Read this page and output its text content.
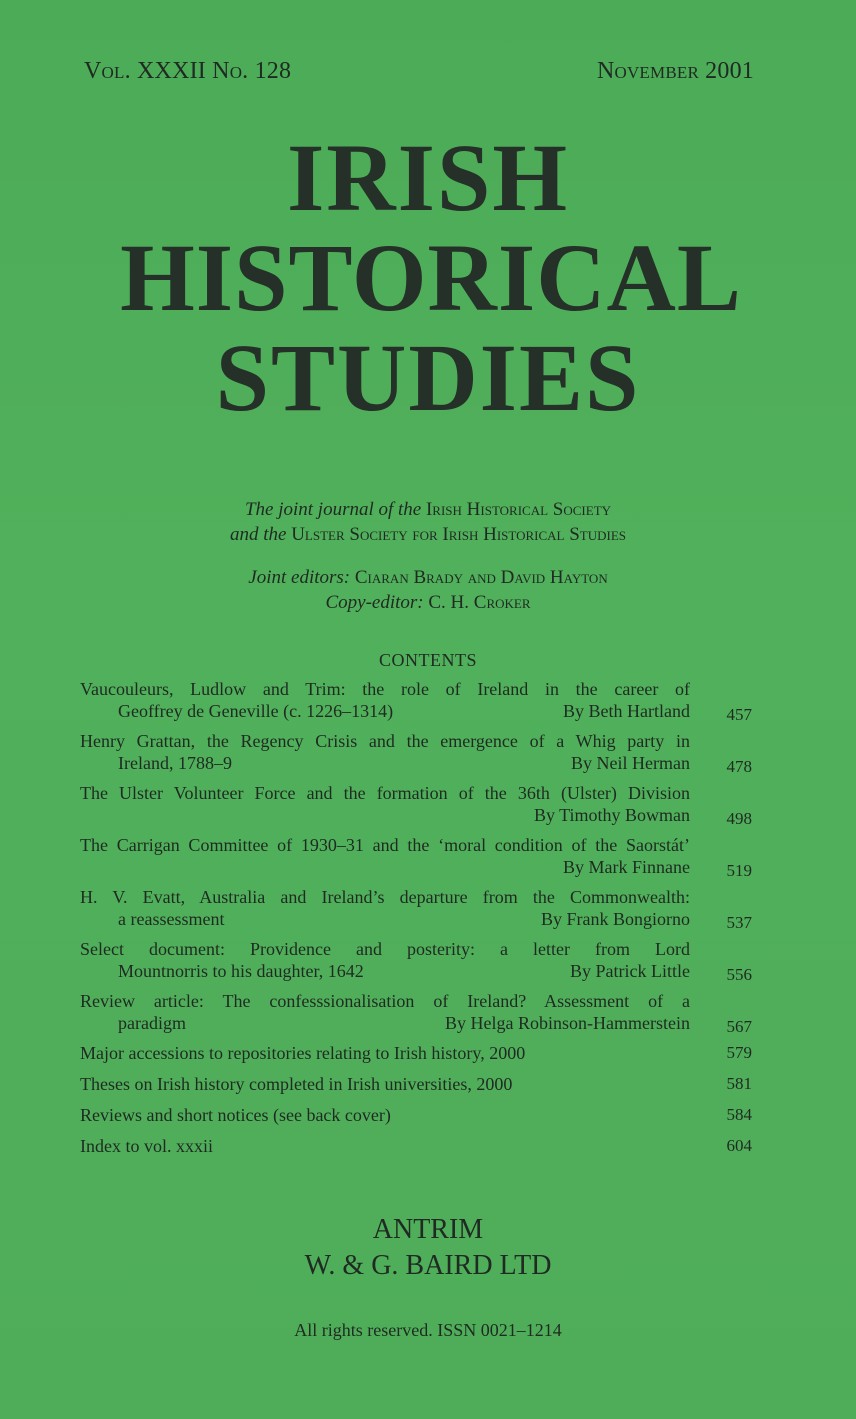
Vol. XXXII No. 128	November 2001
IRISH
HISTORICAL
STUDIES
The joint journal of the Irish Historical Society
and the Ulster Society for Irish Historical Studies
Joint editors: Ciaran Brady and David Hayton
Copy-editor: C. H. Croker
CONTENTS
Vaucouleurs, Ludlow and Trim: the role of Ireland in the career of
Geoffrey de Geneville (c. 1226–1314)	By Beth Hartland 457
Henry Grattan, the Regency Crisis and the emergence of a Whig party in
Ireland, 1788–9	By Neil Herman 478
The Ulster Volunteer Force and the formation of the 36th (Ulster) Division
By Timothy Bowman 498
The Carrigan Committee of 1930–31 and the ‘moral condition of the Saorstát’
By Mark Finnane 519
H. V. Evatt, Australia and Ireland’s departure from the Commonwealth:
a reassessment	By Frank Bongiorno 537
Select document: Providence and posterity: a letter from Lord
Mountnorris to his daughter, 1642	By Patrick Little 556
Review article: The confesssionalisation of Ireland? Assessment of a
paradigm	By Helga Robinson-Hammerstein 567
Major accessions to repositories relating to Irish history, 2000	579
Theses on Irish history completed in Irish universities, 2000	581
Reviews and short notices (see back cover)	584
Index to vol. xxxii	604
ANTRIM
W. & G. BAIRD LTD
All rights reserved. ISSN 0021–1214
